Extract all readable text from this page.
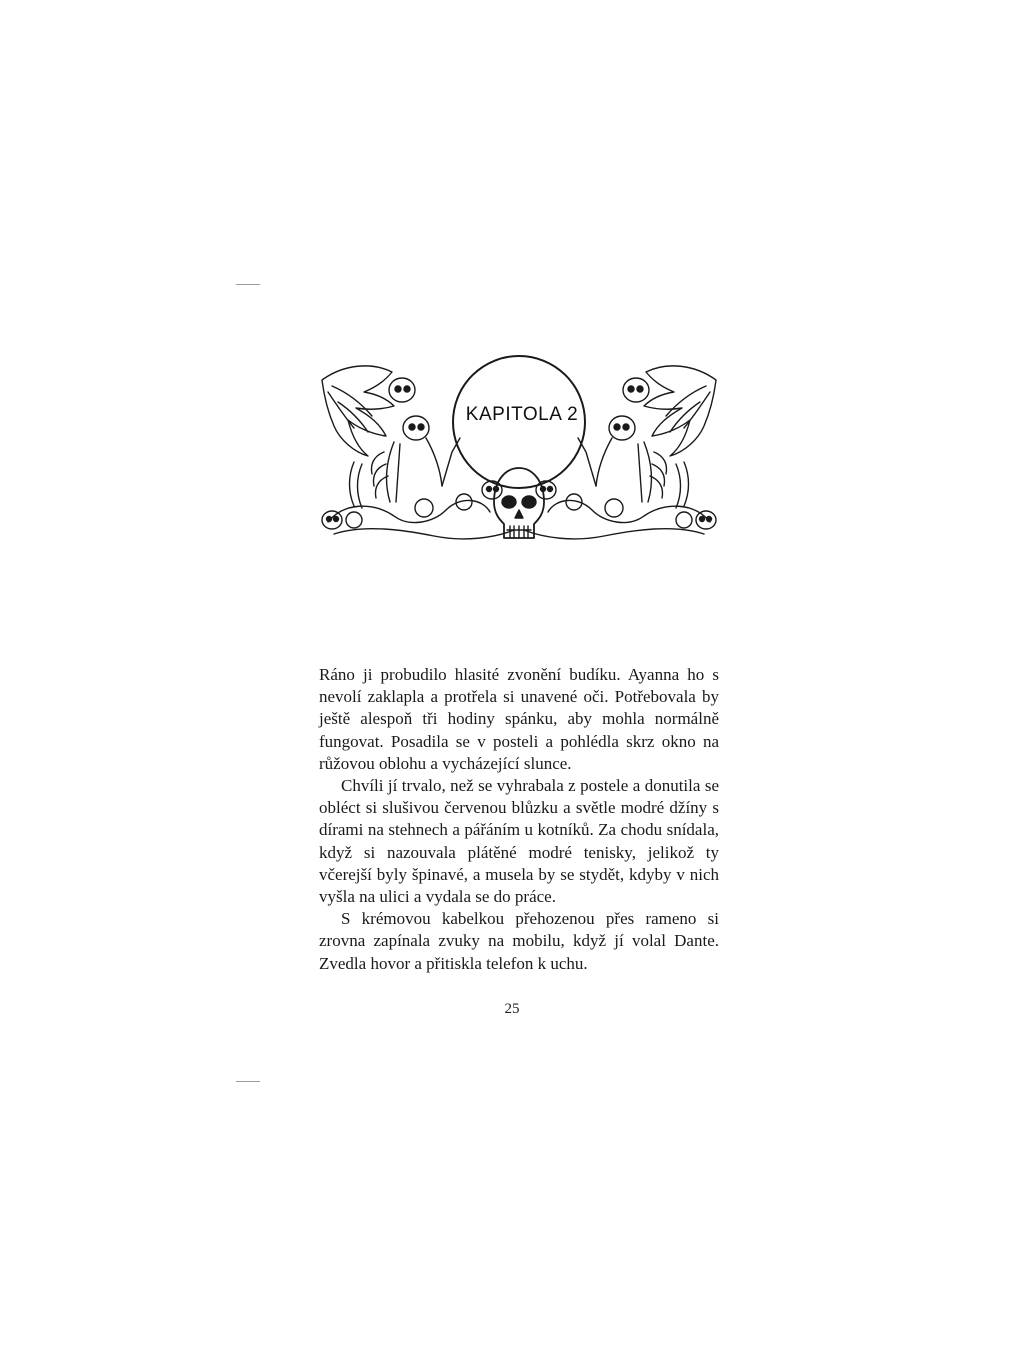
KAPITOLA 2

Ráno ji probudilo hlasité zvonění budíku. Ayanna ho s nevolí zaklapla a protřela si unavené oči. Potřebovala by ještě alespoň tři hodiny spánku, aby mohla normálně fungovat. Posadila se v posteli a pohlédla skrz okno na růžovou oblohu a vycházející slunce.

Chvíli jí trvalo, než se vyhrabala z postele a donutila se obléct si slušivou červenou blůzku a světle modré džíny s dírami na stehnech a pářáním u kotníků. Za chodu snídala, když si nazouvala plátěné modré tenisky, jelikož ty včerejší byly špinavé, a musela by se stydět, kdyby v nich vyšla na ulici a vydala se do práce.

S krémovou kabelkou přehozenou přes rameno si zrovna zapínala zvuky na mobilu, když jí volal Dante. Zvedla hovor a přitiskla telefon k uchu.

25
